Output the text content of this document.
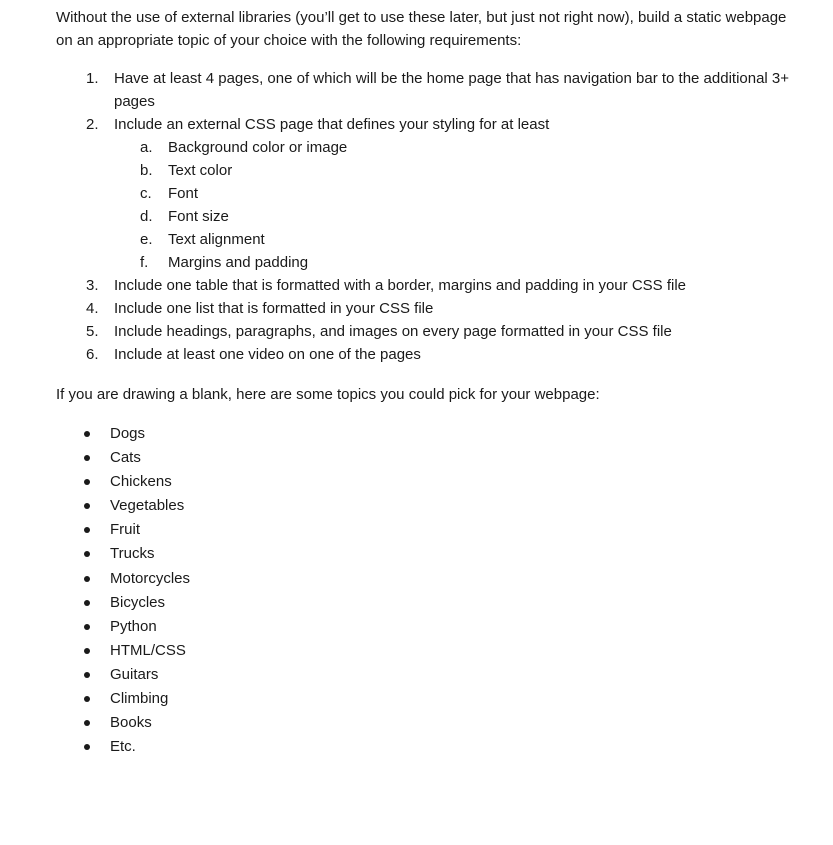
Without the use of external libraries (you’ll get to use these later, but just not right now), build a static webpage on an appropriate topic of your choice with the following requirements:

1.	Have at least 4 pages, one of which will be the home page that has navigation bar to the additional 3+ pages
2.	Include an external CSS page that defines your styling for at least
a. Background color or image
b. Text color
c. Font
d. Font size
e. Text alignment
f. Margins and padding
3.	Include one table that is formatted with a border, margins and padding in your CSS file
4.	Include one list that is formatted in your CSS file
5.	Include headings, paragraphs, and images on every page formatted in your CSS file
6.	Include at least one video on one of the pages

If you are drawing a blank, here are some topics you could pick for your webpage:

Dogs
Cats
Chickens
Vegetables
Fruit
Trucks
Motorcycles
Bicycles
Python
HTML/CSS
Guitars
Climbing
Books
Etc.
